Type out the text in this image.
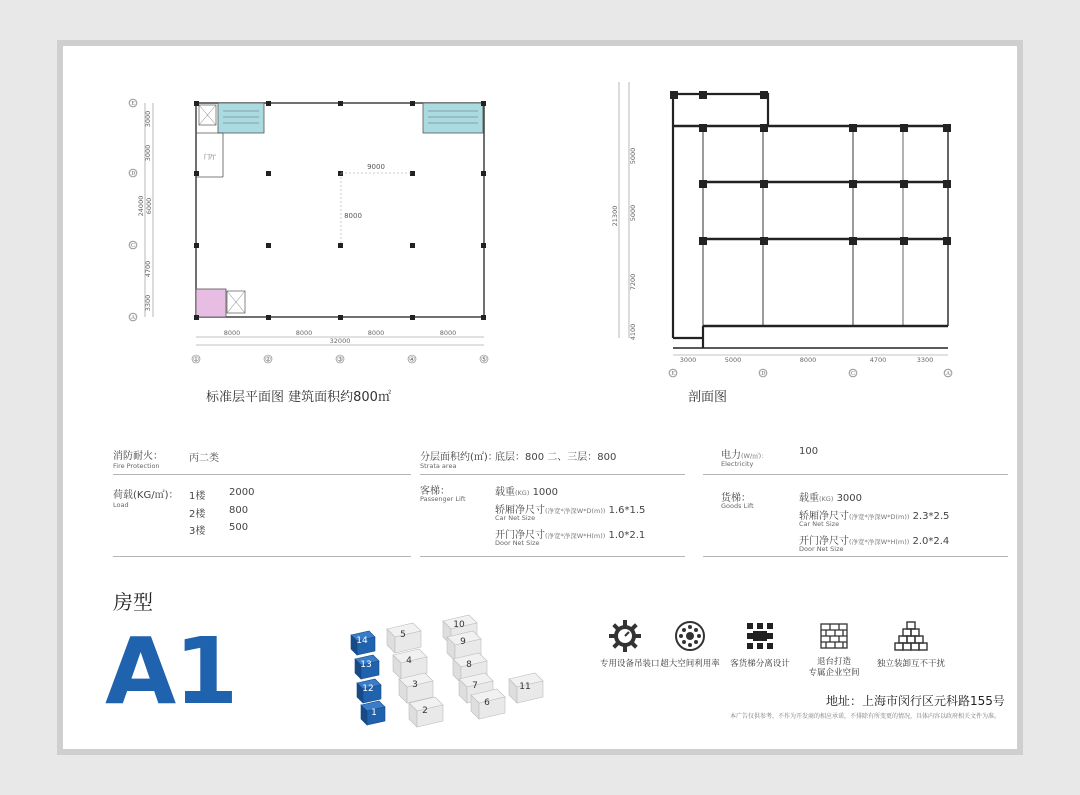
Ⓔ
Ⓓ
Ⓒ
Ⓐ
3000
3000
24000 6000
4700
3300
门厅
9000
8000
8000	8000
32000
8000	8000
①	②	③	④	⑤
标准层平面图 建筑面积约800㎡
5000
21300 5000
7200
4100
3000	5000	8000	4700	3300
Ⓔ	Ⓓ	Ⓒ	Ⓐ
剖面图
消防耐火：
Fire Protection
丙二类
荷载(KG/㎡)：
Load
1楼 2000
2楼 800
3楼 500
分层面积约(㎡)：
Strata area
底层：800 二、三层：800
客梯：
Passenger Lift
载重(KG) 1000
轿厢净尺寸(净宽*净深W*D(m)) 1.6*1.5
Car Net Size
开门净尺寸(净宽*净深W*H(m)) 1.0*2.1
Door Net Size
电力(W/㎡)：
Electricity
100
货梯：
Goods Lift
载重(KG) 3000
轿厢净尺寸(净宽*净深W*D(m)) 2.3*2.5
Car Net Size
开门净尺寸(净宽*净深W*H(m)) 2.0*2.4
Door Net Size
房型
A1	14
13
12
1
5
4
3
2
10
9
8
7
6
11
专用设备吊装口 超大空间利用率 客货梯分离设计	退台打造
专属企业空间
独立装卸互不干扰
地址：上海市闵行区元科路155号
本广告仅供参考，不作为开发商的相应承诺，不排除有所变更的情况，具体内容以政府相关文件为准。
